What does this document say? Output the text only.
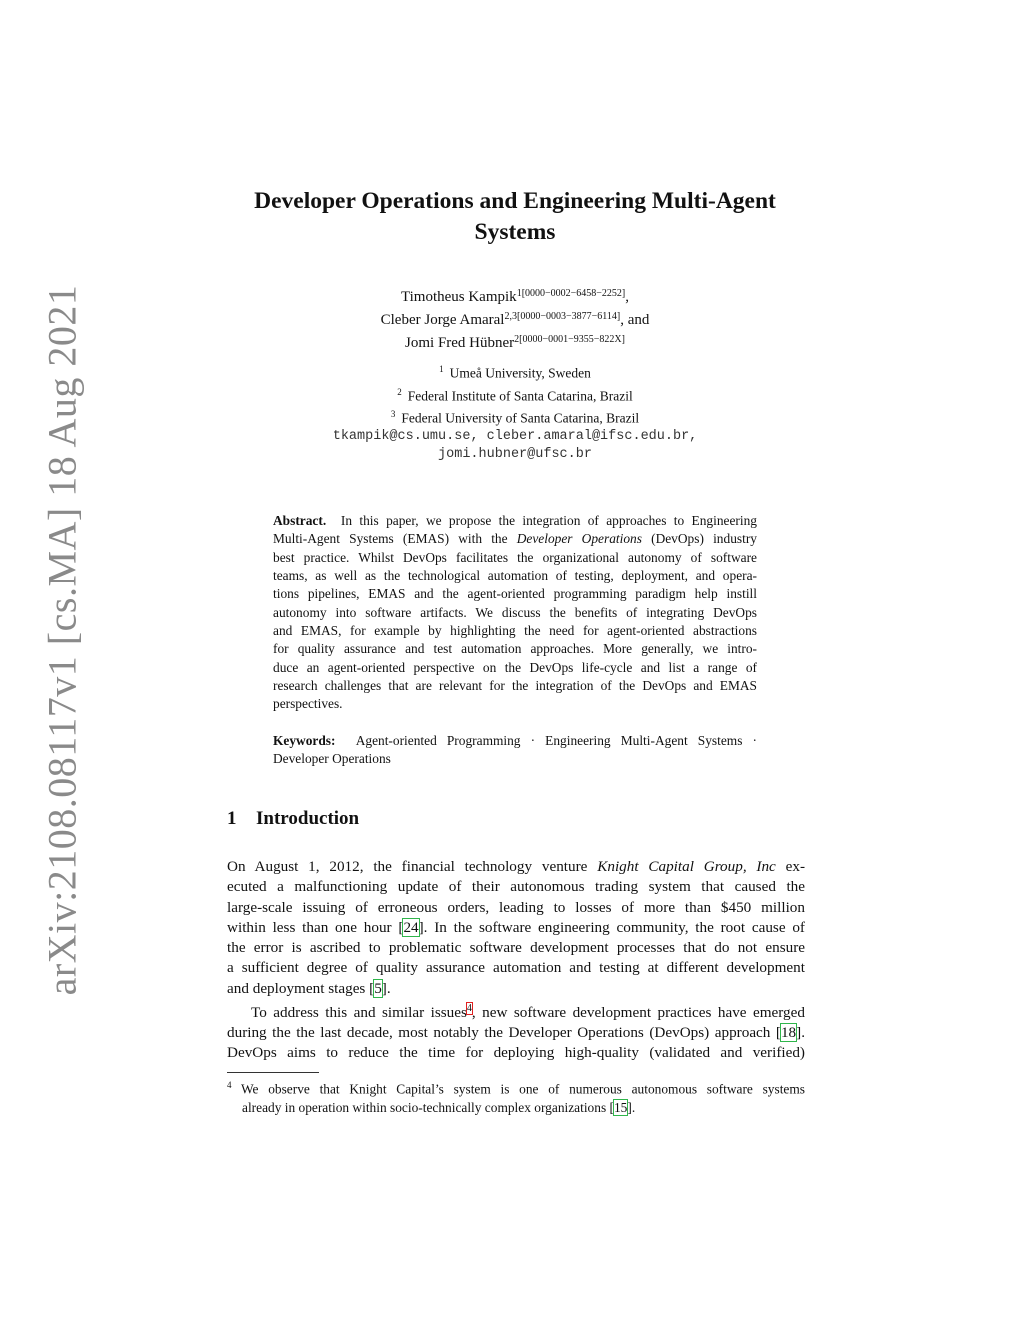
arXiv:2108.08117v1 [cs.MA] 18 Aug 2021
Developer Operations and Engineering Multi-Agent
Systems
Timotheus Kampik$^{1[0000-0002-6458-2252]}$,
Cleber Jorge Amaral$^{2,3[0000-0003-3877-6114]}$, and
Jomi Fred Hübner$^{2[0000-0001-9355-822X]}$
$^1$ Umeå University, Sweden
$^2$ Federal Institute of Santa Catarina, Brazil
$^3$ Federal University of Santa Catarina, Brazil
tkampik@cs.umu.se, cleber.amaral@ifsc.edu.br,
jomi.hubner@ufsc.br
Abstract. In this paper, we propose the integration of approaches to Engineering
Multi-Agent Systems (EMAS) with the Developer Operations (DevOps) industry
best practice. Whilst DevOps facilitates the organizational autonomy of software
teams, as well as the technological automation of testing, deployment, and opera-
tions pipelines, EMAS and the agent-oriented programming paradigm help instill
autonomy into software artifacts. We discuss the benefits of integrating DevOps
and EMAS, for example by highlighting the need for agent-oriented abstractions
for quality assurance and test automation approaches. More generally, we intro-
duce an agent-oriented perspective on the DevOps life-cycle and list a range of
research challenges that are relevant for the integration of the DevOps and EMAS
perspectives.
Keywords: Agent-oriented Programming · Engineering Multi-Agent Systems ·
Developer Operations
1 Introduction
On August 1, 2012, the financial technology venture Knight Capital Group, Inc ex-
ecuted a malfunctioning update of their autonomous trading system that caused the
large-scale issuing of erroneous orders, leading to losses of more than $450 million
within less than one hour [24]. In the software engineering community, the root cause of
the error is ascribed to problematic software development processes that do not ensure
a sufficient degree of quality assurance automation and testing at different development
and deployment stages [5].
To address this and similar issues$^4$, new software development practices have emerged
during the the last decade, most notably the Developer Operations (DevOps) approach [18].
DevOps aims to reduce the time for deploying high-quality (validated and verified)
$^4$ We observe that Knight Capital’s system is one of numerous autonomous software systems
already in operation within socio-technically complex organizations [15].
